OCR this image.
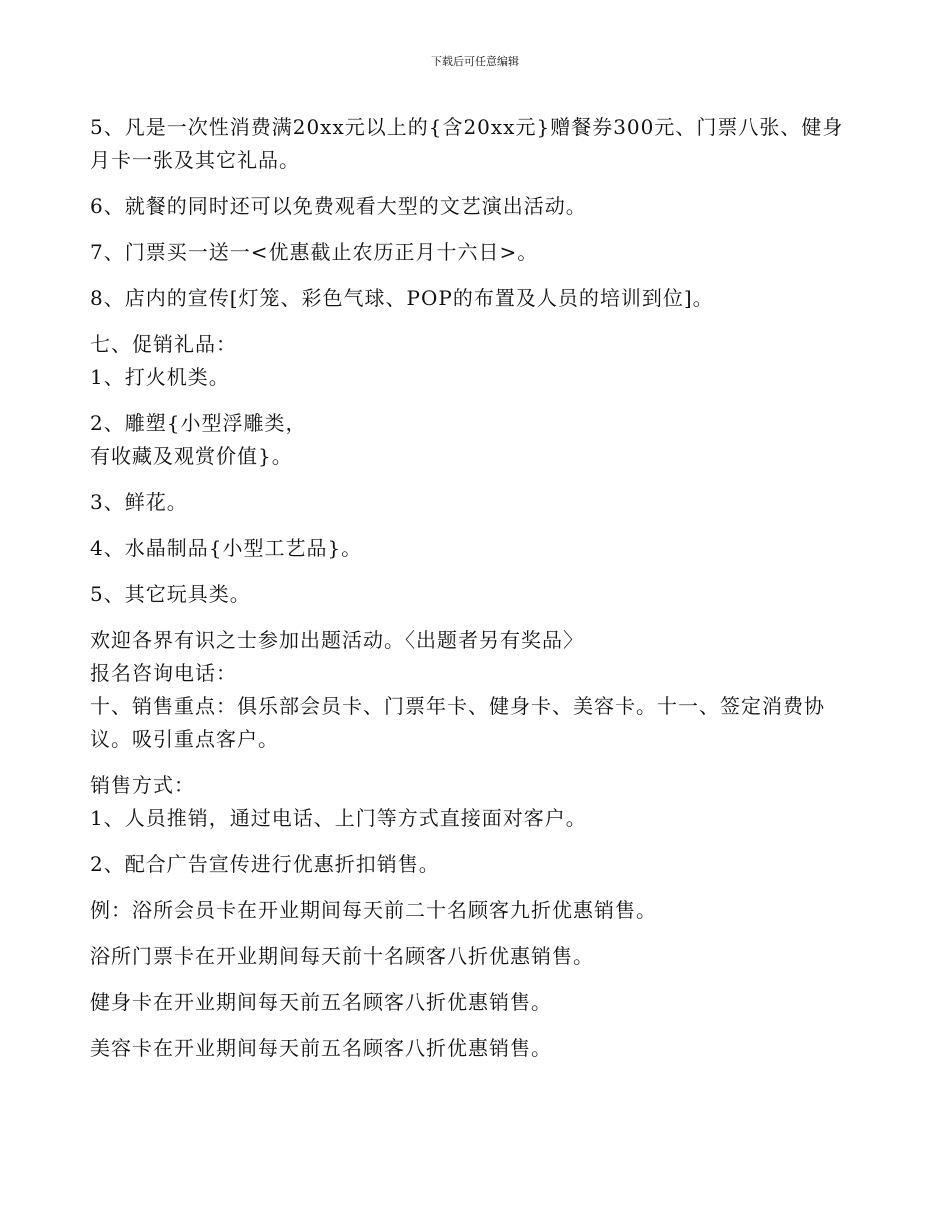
下载后可任意编辑

5、凡是一次性消费满20xx元以上的{含20xx元}赠餐券300元、门票八张、健身

月卡一张及其它礼品。

6、就餐的同时还可以免费观看大型的文艺演出活动。

7、门票买一送一<优惠截止农历正月十六日>。

8、店内的宣传[灯笼、彩色气球、POP的布置及人员的培训到位]。

七、促销礼品：

1、打火机类。

2、雕塑{小型浮雕类，

有收藏及观赏价值}。

3、鲜花。

4、水晶制品{小型工艺品}。

5、其它玩具类。

欢迎各界有识之士参加出题活动。〈出题者另有奖品〉

报名咨询电话：

十、销售重点：俱乐部会员卡、门票年卡、健身卡、美容卡。十一、签定消费协

议。吸引重点客户。

销售方式：

1、人员推销，通过电话、上门等方式直接面对客户。

2、配合广告宣传进行优惠折扣销售。

例：浴所会员卡在开业期间每天前二十名顾客九折优惠销售。

浴所门票卡在开业期间每天前十名顾客八折优惠销售。

健身卡在开业期间每天前五名顾客八折优惠销售。

美容卡在开业期间每天前五名顾客八折优惠销售。
